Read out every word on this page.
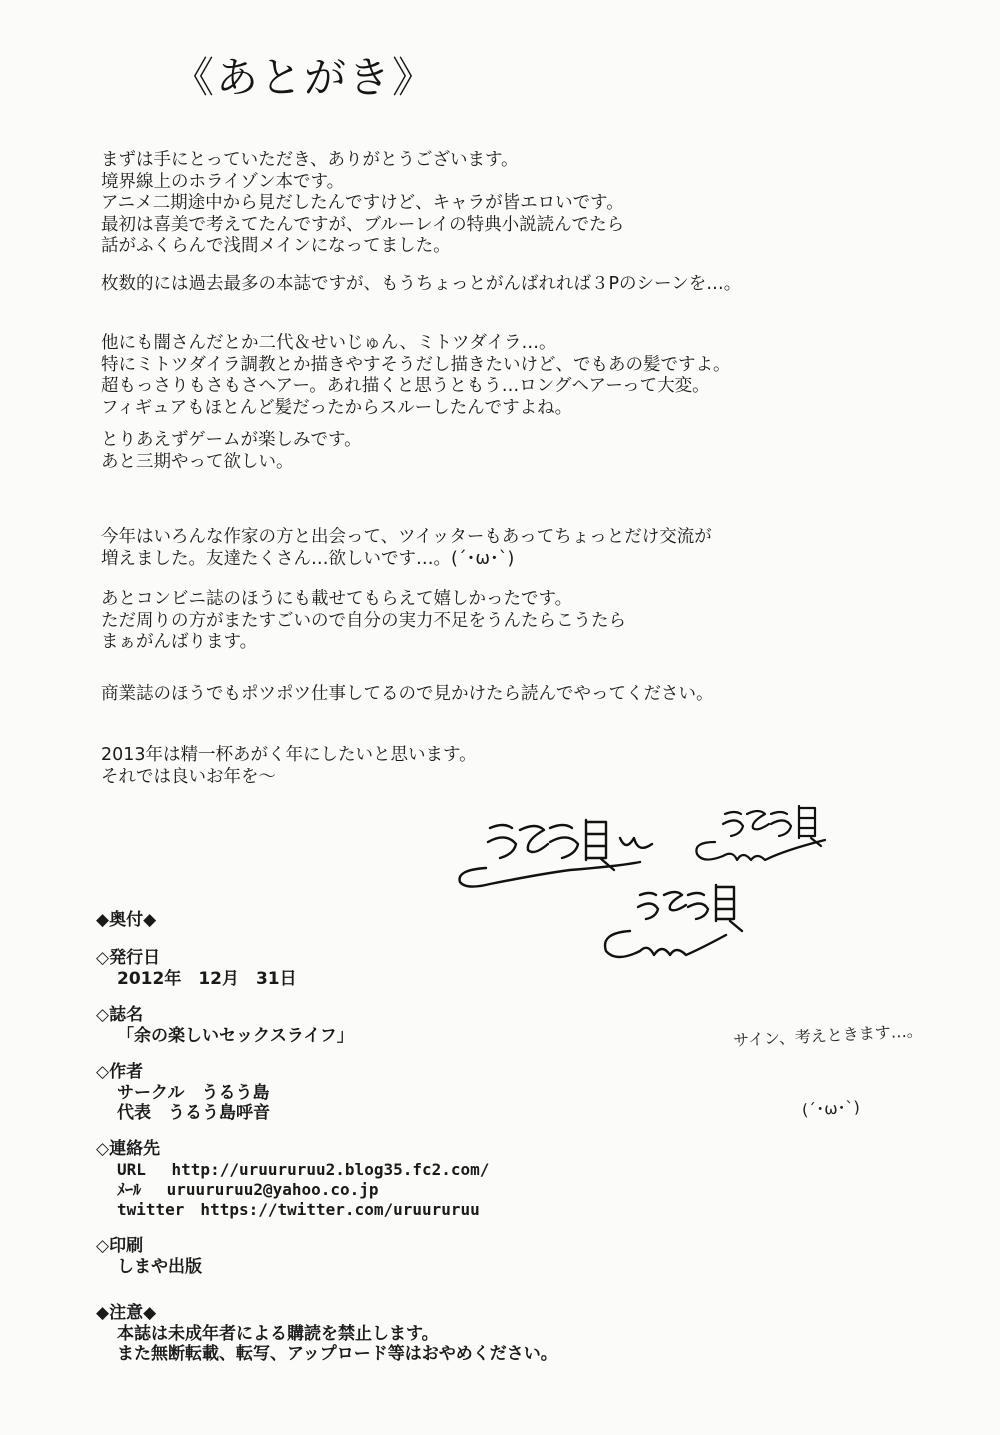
《あとがき》
まずは手にとっていただき、ありがとうございます。
境界線上のホライゾン本です。
アニメ二期途中から見だしたんですけど、キャラが皆エロいです。
最初は喜美で考えてたんですが、ブルーレイの特典小説読んでたら
話がふくらんで浅間メインになってました。
枚数的には過去最多の本誌ですが、もうちょっとがんばれれば３Pのシーンを…。
他にも闇さんだとか二代＆せいじゅん、ミトツダイラ…。
特にミトツダイラ調教とか描きやすそうだし描きたいけど、でもあの髪ですよ。
超もっさりもさもさヘアー。あれ描くと思うともう…ロングヘアーって大変。
フィギュアもほとんど髪だったからスルーしたんですよね。
とりあえずゲームが楽しみです。
あと三期やって欲しい。
今年はいろんな作家の方と出会って、ツイッターもあってちょっとだけ交流が
増えました。友達たくさん…欲しいです…。(´･ω･`)
あとコンビニ誌のほうにも載せてもらえて嬉しかったです。
ただ周りの方がまたすごいので自分の実力不足をうんたらこうたら
まぁがんばります。
商業誌のほうでもポツポツ仕事してるので見かけたら読んでやってください。
2013年は精一杯あがく年にしたいと思います。
それでは良いお年を～

サイン、考えときます…。

(´･ω･`)

◆奥付◆
◇発行日
2012年　12月　31日
◇誌名
「余の楽しいセックスライフ」
◇作者
サークル　うるう島
代表　うるう島呼音
◇連絡先
URL　 http://uruururuu2.blog35.fc2.com/
ﾒｰﾙ　 uruururuu2@yahoo.co.jp
twitter　https://twitter.com/uruururuu
◇印刷
しまや出版
◆注意◆
本誌は未成年者による購読を禁止します。
また無断転載、転写、アップロード等はおやめください。
